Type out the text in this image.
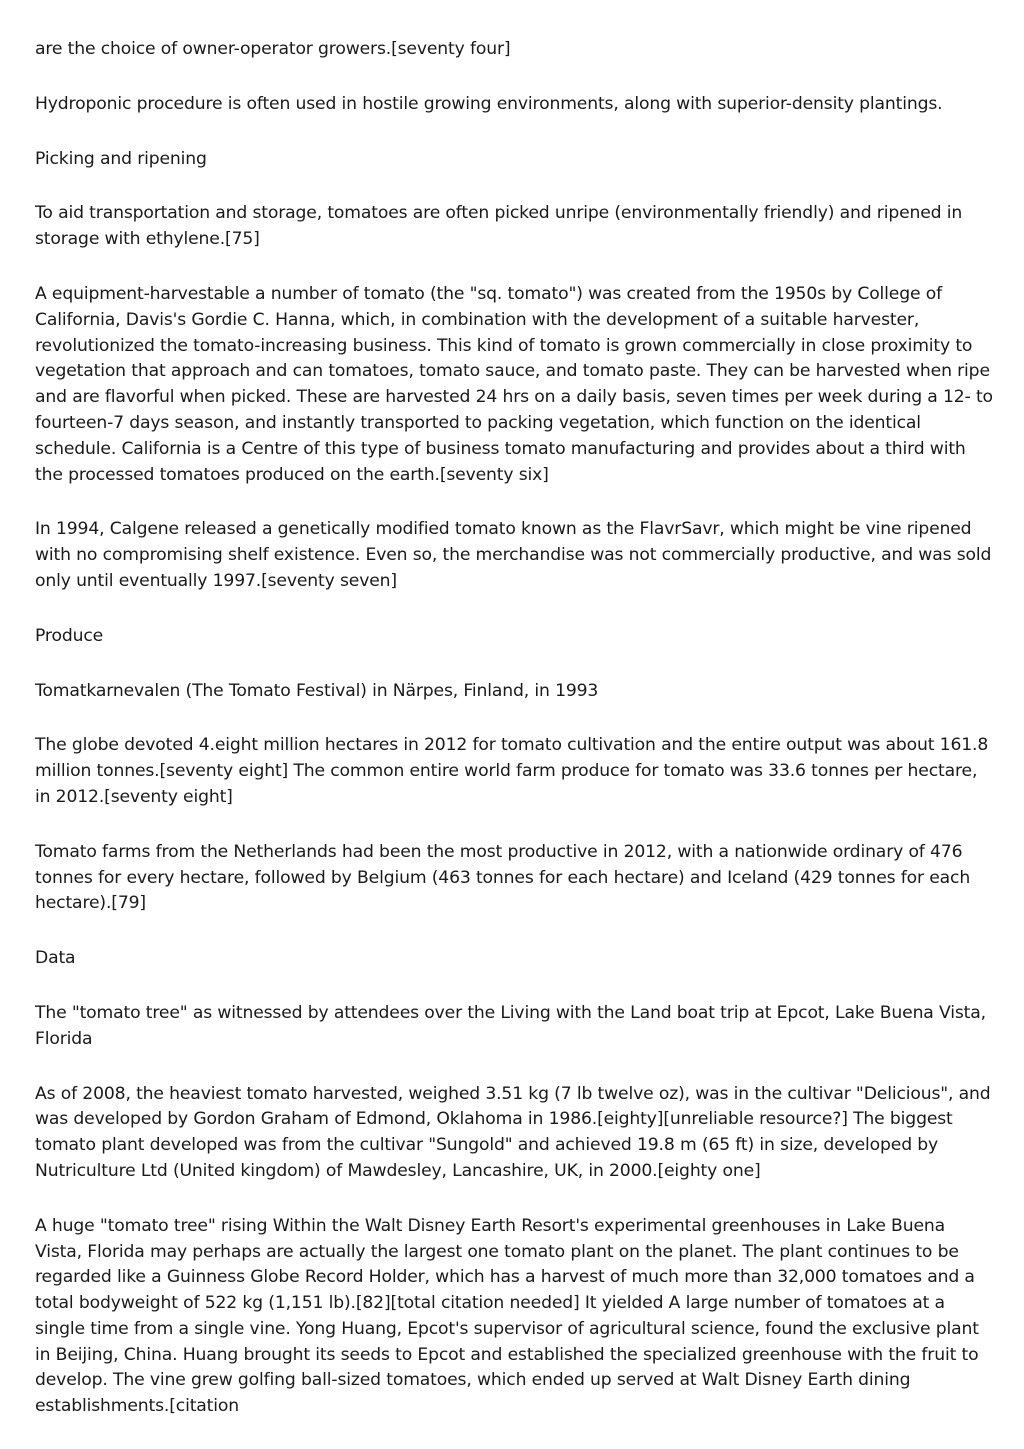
are the choice of owner-operator growers.[seventy four]

Hydroponic procedure is often used in hostile growing environments, along with superior-density plantings.

Picking and ripening

To aid transportation and storage, tomatoes are often picked unripe (environmentally friendly) and ripened in storage with ethylene.[75]

A equipment-harvestable a number of tomato (the "sq. tomato") was created from the 1950s by College of California, Davis's Gordie C. Hanna, which, in combination with the development of a suitable harvester, revolutionized the tomato-increasing business. This kind of tomato is grown commercially in close proximity to vegetation that approach and can tomatoes, tomato sauce, and tomato paste. They can be harvested when ripe and are flavorful when picked. These are harvested 24 hrs on a daily basis, seven times per week during a 12- to fourteen-7 days season, and instantly transported to packing vegetation, which function on the identical schedule. California is a Centre of this type of business tomato manufacturing and provides about a third with the processed tomatoes produced on the earth.[seventy six]

In 1994, Calgene released a genetically modified tomato known as the FlavrSavr, which might be vine ripened with no compromising shelf existence. Even so, the merchandise was not commercially productive, and was sold only until eventually 1997.[seventy seven]

Produce

Tomatkarnevalen (The Tomato Festival) in Närpes, Finland, in 1993

The globe devoted 4.eight million hectares in 2012 for tomato cultivation and the entire output was about 161.8 million tonnes.[seventy eight] The common entire world farm produce for tomato was 33.6 tonnes per hectare, in 2012.[seventy eight]

Tomato farms from the Netherlands had been the most productive in 2012, with a nationwide ordinary of 476 tonnes for every hectare, followed by Belgium (463 tonnes for each hectare) and Iceland (429 tonnes for each hectare).[79]

Data

The "tomato tree" as witnessed by attendees over the Living with the Land boat trip at Epcot, Lake Buena Vista, Florida

As of 2008, the heaviest tomato harvested, weighed 3.51 kg (7 lb twelve oz), was in the cultivar "Delicious", and was developed by Gordon Graham of Edmond, Oklahoma in 1986.[eighty][unreliable resource?] The biggest tomato plant developed was from the cultivar "Sungold" and achieved 19.8 m (65 ft) in size, developed by Nutriculture Ltd (United kingdom) of Mawdesley, Lancashire, UK, in 2000.[eighty one]

A huge "tomato tree" rising Within the Walt Disney Earth Resort's experimental greenhouses in Lake Buena Vista, Florida may perhaps are actually the largest one tomato plant on the planet. The plant continues to be regarded like a Guinness Globe Record Holder, which has a harvest of much more than 32,000 tomatoes and a total bodyweight of 522 kg (1,151 lb).[82][total citation needed] It yielded A large number of tomatoes at a single time from a single vine. Yong Huang, Epcot's supervisor of agricultural science, found the exclusive plant in Beijing, China. Huang brought its seeds to Epcot and established the specialized greenhouse with the fruit to develop. The vine grew golfing ball-sized tomatoes, which ended up served at Walt Disney Earth dining establishments.[citation
